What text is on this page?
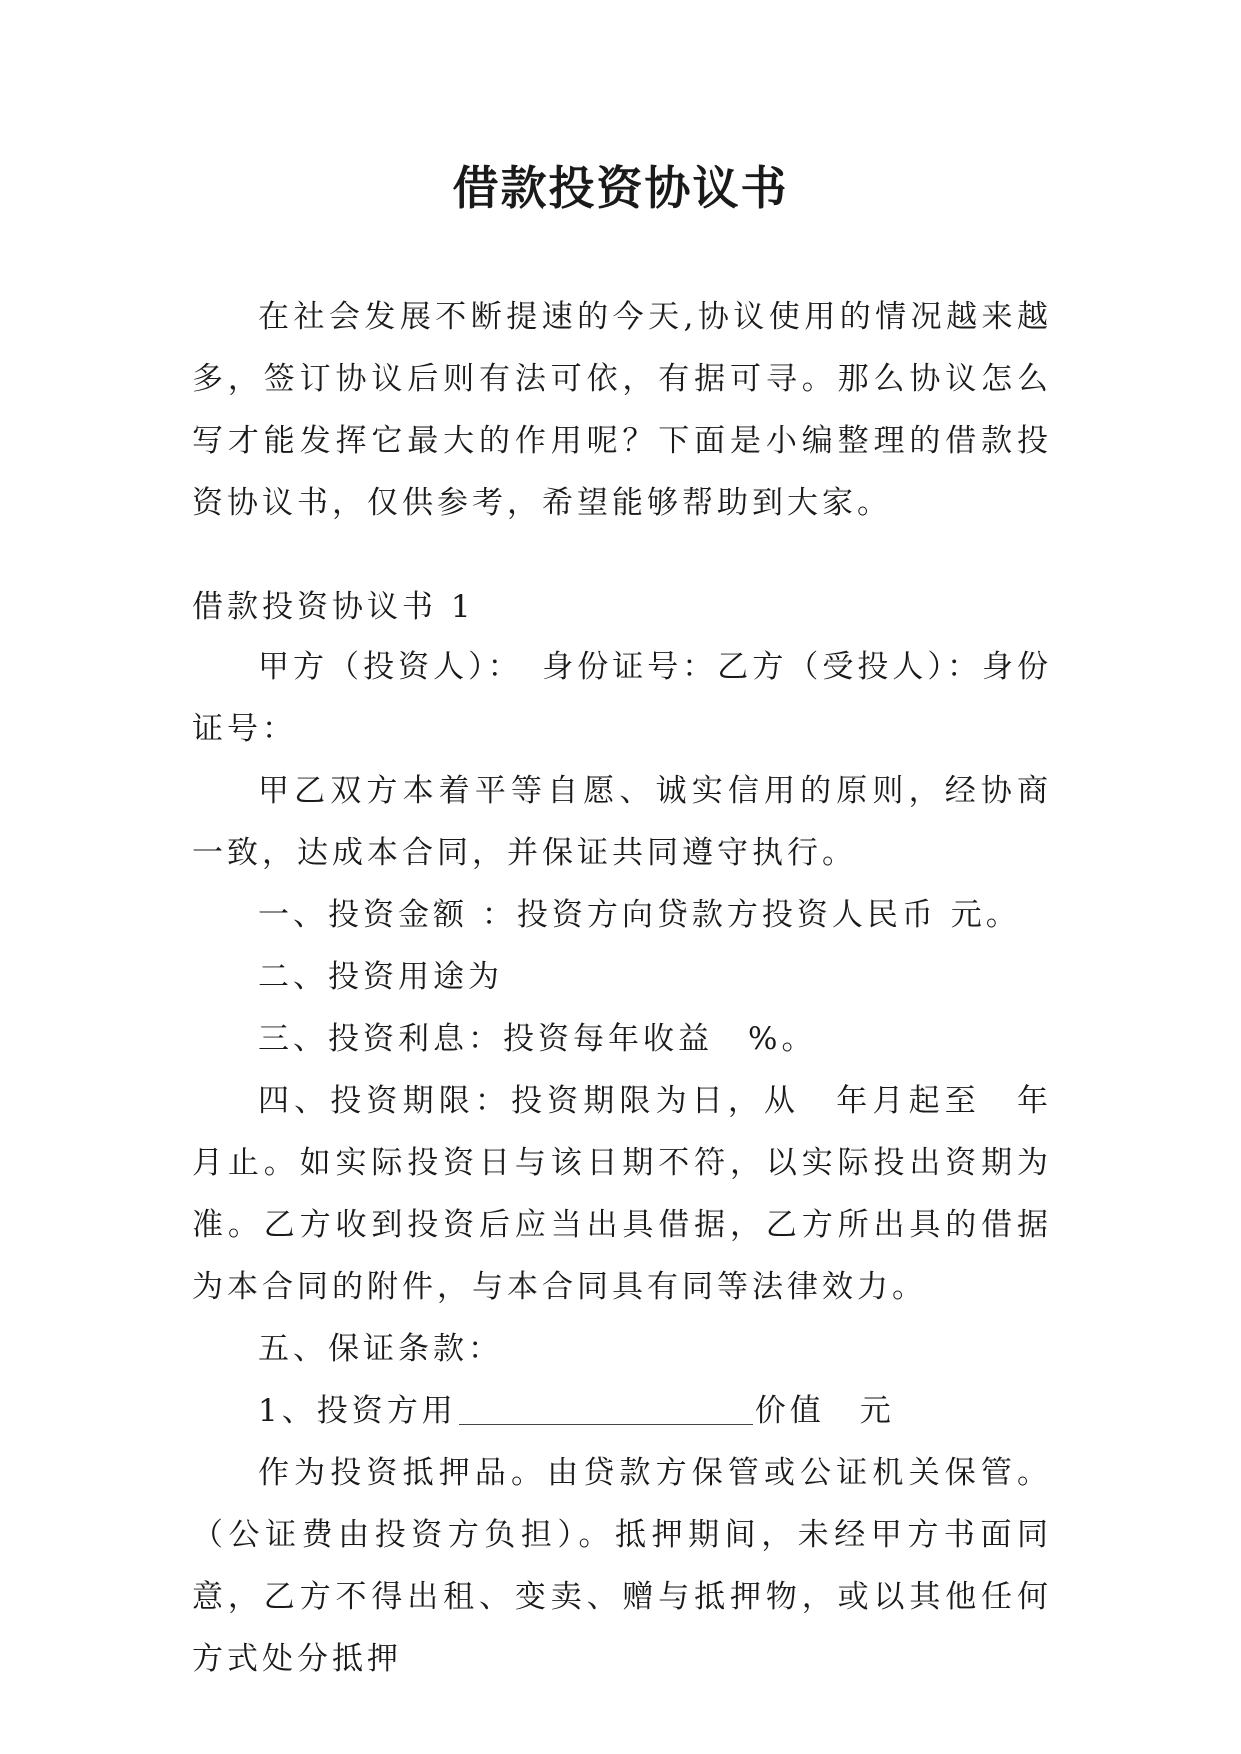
借款投资协议书

在社会发展不断提速的今天,协议使用的情况越来越多，签订协议后则有法可依，有据可寻。那么协议怎么写才能发挥它最大的作用呢？下面是小编整理的借款投资协议书，仅供参考，希望能够帮助到大家。

借款投资协议书 1

甲方（投资人）：　身份证号：乙方（受投人）：身份证号：

甲乙双方本着平等自愿、诚实信用的原则，经协商一致，达成本合同，并保证共同遵守执行。

一、投资金额 ：投资方向贷款方投资人民币 元。

二、投资用途为

三、投资利息：投资每年收益　%。

四、投资期限：投资期限为日，从　年月起至　年月止。如实际投资日与该日期不符，以实际投出资期为准。乙方收到投资后应当出具借据，乙方所出具的借据为本合同的附件，与本合同具有同等法律效力。

五、保证条款：

1、投资方用	价值　元

作为投资抵押品。由贷款方保管或公证机关保管。（公证费由投资方负担）。抵押期间，未经甲方书面同意，乙方不得出租、变卖、赠与抵押物，或以其他任何方式处分抵押
